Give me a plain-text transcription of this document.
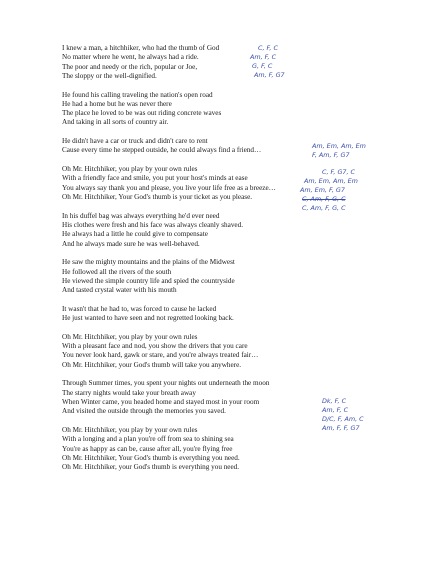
I knew a man, a hitchhiker, who had the thumb of God
No matter where he went, he always had a ride.
The poor and needy or the rich, popular or Joe,
The sloppy or the well-dignified.
He found his calling traveling the nation's open road
He had a home but he was never there
The place he loved to be was out riding concrete waves
And taking in all sorts of country air.
He didn't have a car or truck and didn't care to rent
Cause every time he stepped outside, he could always find a friend…
Oh Mr. Hitchhiker, you play by your own rules
With a friendly face and smile, you put your host's minds at ease
You always say thank you and please, you live your life free as a breeze…
Oh Mr. Hitchhiker, Your God's thumb is your ticket as you please.
In his duffel bag was always everything he'd ever need
His clothes were fresh and his face was always cleanly shaved.
He always had a little he could give to compensate
And he always made sure he was well-behaved.
He saw the mighty mountains and the plains of the Midwest
He followed all the rivers of the south
He viewed the simple country life and spied the countryside
And tasted crystal water with his mouth
It wasn't that he had to, was forced to cause he lacked
He just wanted to have seen and not regretted looking back.
Oh Mr. Hitchhiker, you play by your own rules
With a pleasant face and nod, you show the drivers that you care
You never look hard, gawk or stare, and you're always treated fair…
Oh Mr. Hitchhiker, your God's thumb will take you anywhere.
Through Summer times, you spent your nights out underneath the moon
The starry nights would take your breath away
When Winter came, you headed home and stayed most in your room
And visited the outside through the memories you saved.
Oh Mr. Hitchhiker, you play by your own rules
With a longing and a plan you're off from sea to shining sea
You're as happy as can be, cause after all, you're flying free
Oh Mr. Hitchhiker, Your God's thumb is everything you need.
Oh Mr. Hitchhiker, your God's thumb is everything you need.
C, F, C
Am, F, C
G, F, C
Am, F, G7
Am, Em, Am, Em
F, Am, F, G7
C, F, G7, C
Am, Em, Am, Em
Am, Em, F, G7
C, Am, F, G, C
C, Am, F, G, C
Dk, F, C
Am, F, C
D/C, F, Am, C
Am, F, F, G7
